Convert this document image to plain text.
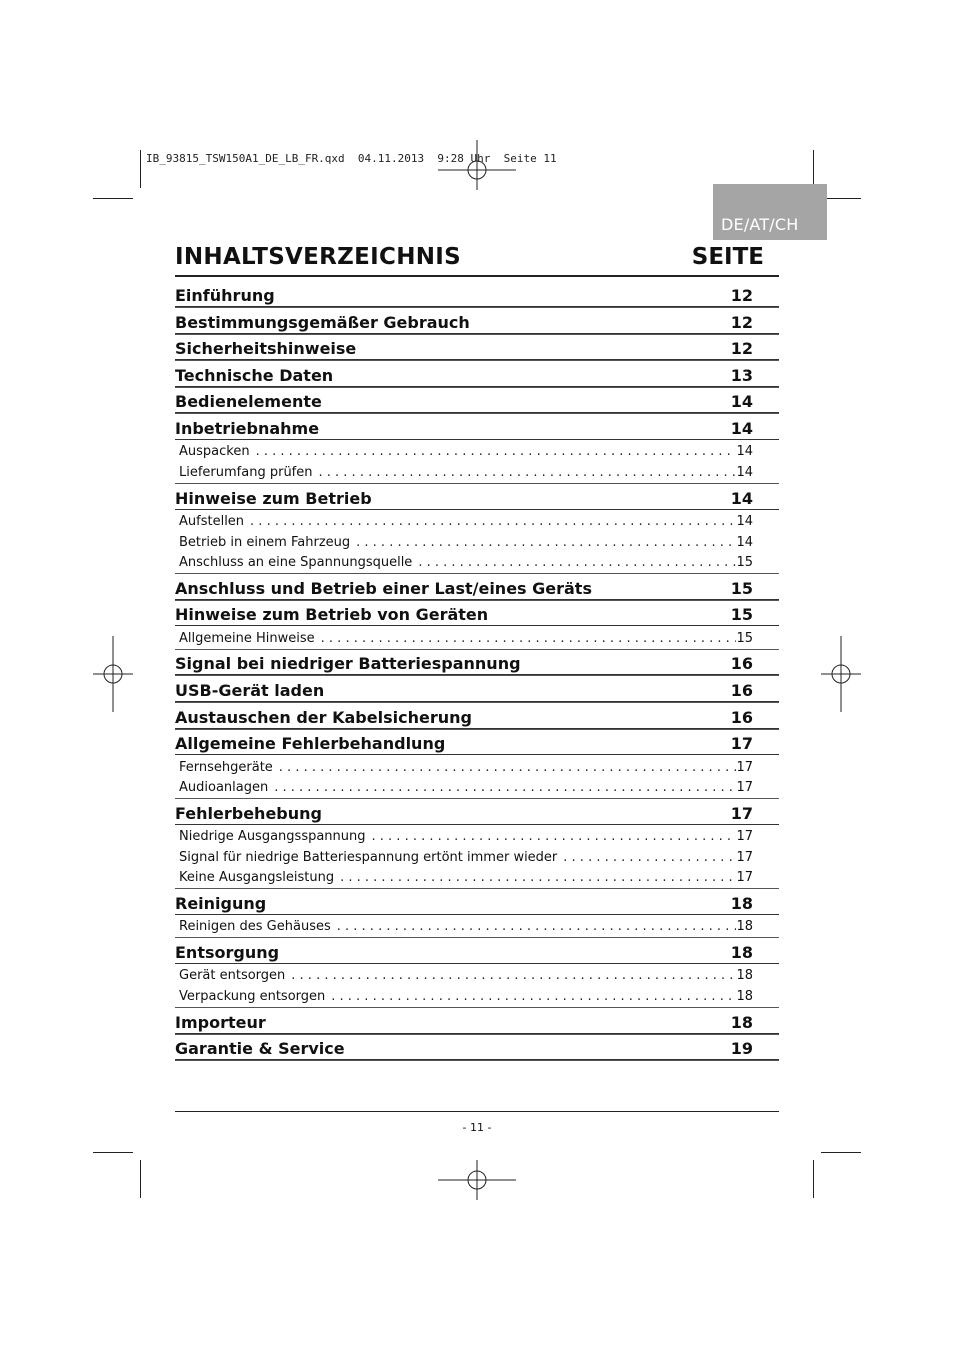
IB_93815_TSW150A1_DE_LB_FR.qxd  04.11.2013  9:28 Uhr  Seite 11
DE/AT/CH
INHALTSVERZEICHNIS	SEITE
Einführung	12
Bestimmungsgemäßer Gebrauch	12
Sicherheitshinweise	12
Technische Daten	13
Bedienelemente	14
Inbetriebnahme	14
Auspacken . . .	14
Lieferumfang prüfen . . .	14
Hinweise zum Betrieb	14
Aufstellen . . .	14
Betrieb in einem Fahrzeug . . .	14
Anschluss an eine Spannungsquelle . . .	15
Anschluss und Betrieb einer Last/eines Geräts	15
Hinweise zum Betrieb von Geräten	15
Allgemeine Hinweise . . .	15
Signal bei niedriger Batteriespannung	16
USB-Gerät laden	16
Austauschen der Kabelsicherung	16
Allgemeine Fehlerbehandlung	17
Fernsehgeräte . . .	17
Audioanlagen . . .	17
Fehlerbehebung	17
Niedrige Ausgangsspannung . . .	17
Signal für niedrige Batteriespannung ertönt immer wieder . . .	17
Keine Ausgangsleistung . . .	17
Reinigung	18
Reinigen des Gehäuses . . .	18
Entsorgung	18
Gerät entsorgen . . .	18
Verpackung entsorgen . . .	18
Importeur	18
Garantie & Service	19
- 11 -
